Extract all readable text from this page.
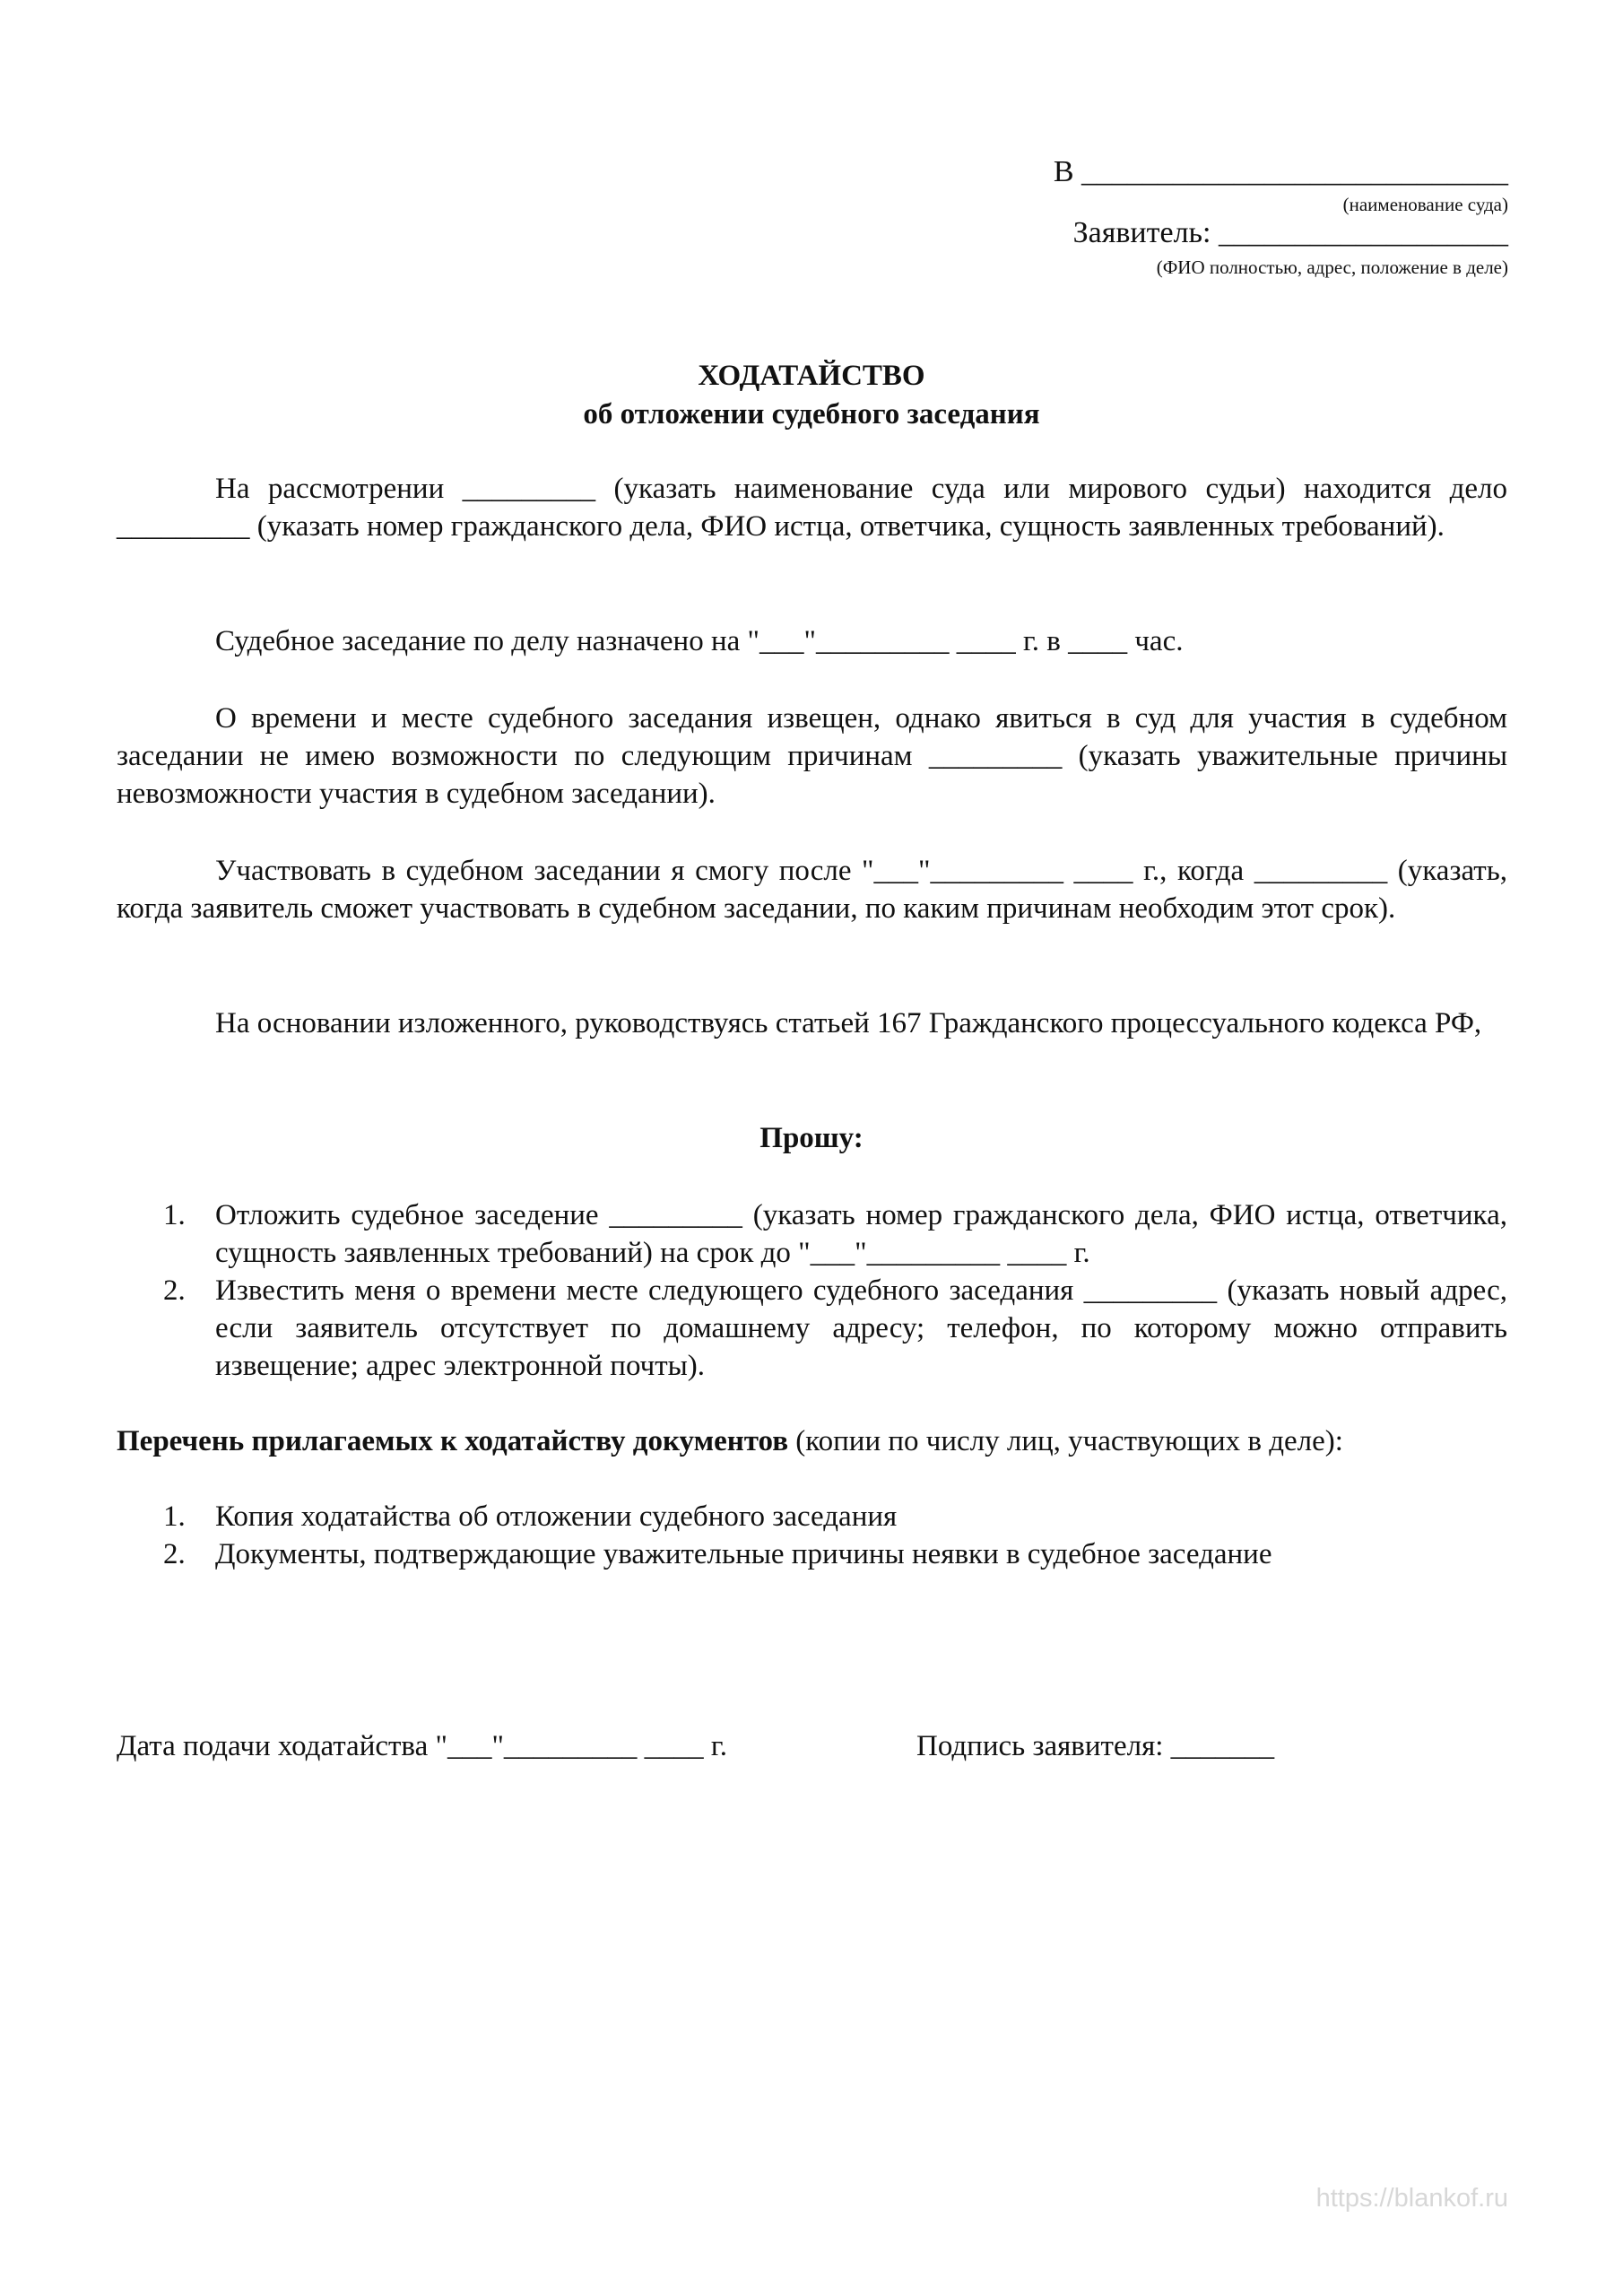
В ____________________________
(наименование суда)
Заявитель: ___________________
(ФИО полностью, адрес, положение в деле)
ХОДАТАЙСТВО
об отложении судебного заседания

На рассмотрении _________ (указать наименование суда или мирового судьи) находится дело _________ (указать номер гражданского дела, ФИО истца, ответчика, сущность заявленных требований).

Судебное заседание по делу назначено на "___"_________ ____ г. в ____ час.

О времени и месте судебного заседания извещен, однако явиться в суд для участия в судебном заседании не имею возможности по следующим причинам _________ (указать уважительные причины невозможности участия в судебном заседании).

Участвовать в судебном заседании я смогу после "___"_________ ____ г., когда _________ (указать, когда заявитель сможет участвовать в судебном заседании, по каким причинам необходим этот срок).

На основании изложенного, руководствуясь статьей 167 Гражданского процессуального кодекса РФ,

Прошу:
1. Отложить судебное заседение _________ (указать номер гражданского дела, ФИО истца, ответчика, сущность заявленных требований) на срок до "___"_________ ____ г.
2. Известить меня о времени месте следующего судебного заседания _________ (указать новый адрес, если заявитель отсутствует по домашнему адресу; телефон, по которому можно отправить извещение; адрес электронной почты).
Перечень прилагаемых к ходатайству документов (копии по числу лиц, участвующих в деле):
1. Копия ходатайства об отложении судебного заседания
2. Документы, подтверждающие уважительные причины неявки в судебное заседание
Дата подачи ходатайства "___"_________ ____ г.	Подпись заявителя: _______
https://blankof.ru
